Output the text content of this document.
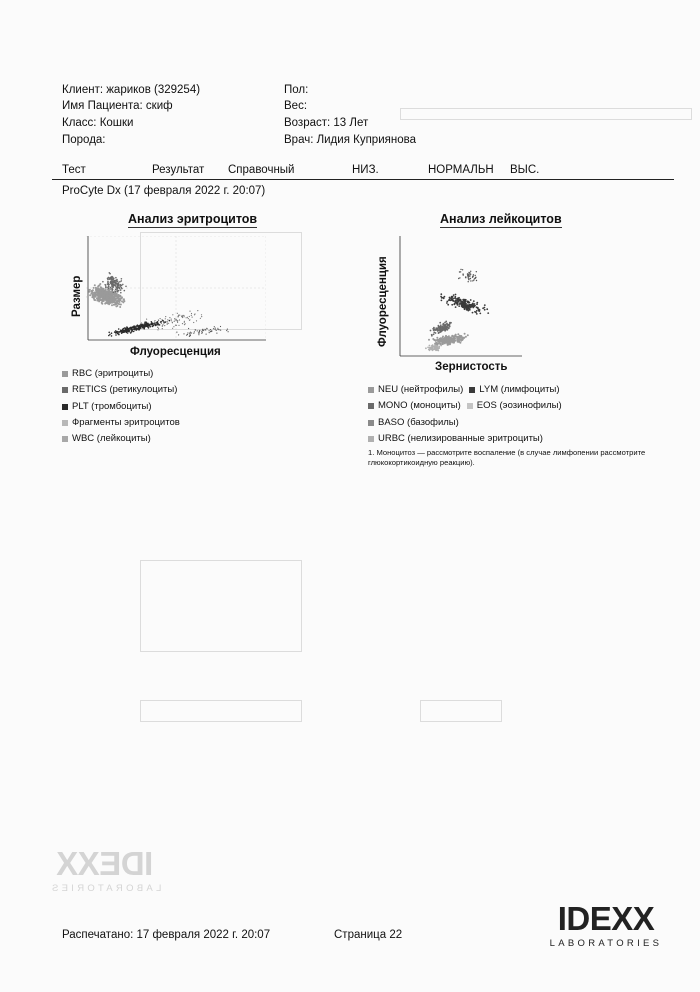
Клиент: жариков (329254)
Имя Пациента: скиф
Класс: Кошки
Порода:
Пол:
Вес:
Возраст: 13 Лет
Врач: Лидия Куприянова
Тест	Результат Справочный	НИЗ.	НОРМАЛЬН ВЫС.
ProCyte Dx (17 февраля 2022 г. 20:07)
Анализ эритроцитов
Размер
Флуоресценция
RBC (эритроциты)
RETICS (ретикулоциты)
PLT (тромбоциты)
Фрагменты эритроцитов
WBC (лейкоциты)
Анализ лейкоцитов
Флуоресценция
Зернистость
NEU (нейтрофилы) LYM (лимфоциты)
MONO (моноциты) EOS (эозинофилы)
BASO (базофилы)
URBC (нелизированные эритроциты)
1. Моноцитоз — рассмотрите воспаление (в случае лимфопении рассмотрите глюкокортикоидную реакцию).
IDEXX
LABORATORIES
Распечатано: 17 февраля 2022 г. 20:07	Страница 22	IDEXX
LABORATORIES
